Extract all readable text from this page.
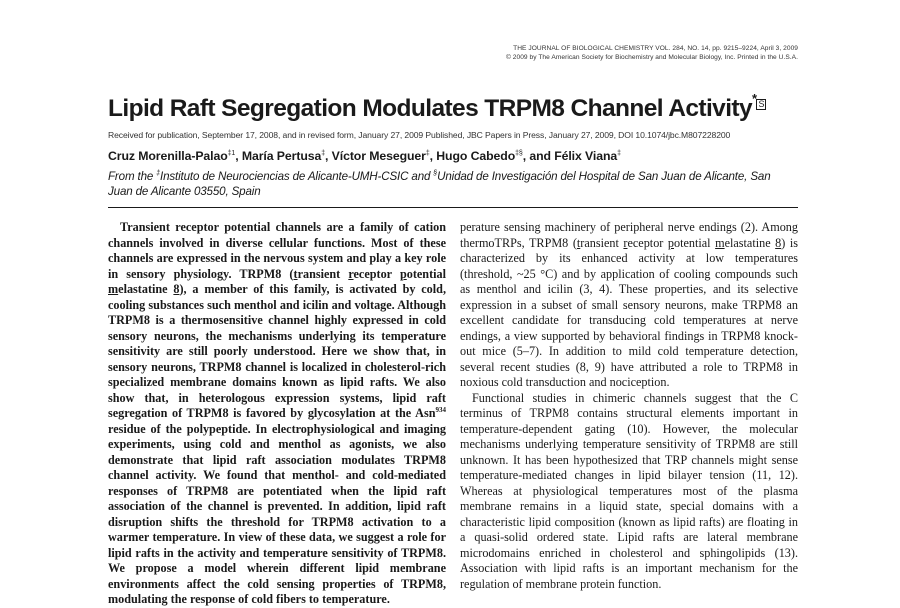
THE JOURNAL OF BIOLOGICAL CHEMISTRY VOL. 284, NO. 14, pp. 9215–9224, April 3, 2009
© 2009 by The American Society for Biochemistry and Molecular Biology, Inc. Printed in the U.S.A.
Lipid Raft Segregation Modulates TRPM8 Channel Activity* S
Received for publication, September 17, 2008, and in revised form, January 27, 2009 Published, JBC Papers in Press, January 27, 2009, DOI 10.1074/jbc.M807228200
Cruz Morenilla-Palao$^{\ddagger 1}$, María Pertusa‡, Víctor Meseguer‡, Hugo Cabedo‡§, and Félix Viana‡
From the ‡Instituto de Neurociencias de Alicante-UMH-CSIC and §Unidad de Investigación del Hospital de San Juan de Alicante, San Juan de Alicante 03550, Spain

Transient receptor potential channels are a family of cation channels involved in diverse cellular functions. Most of these channels are expressed in the nervous system and play a key role in sensory physiology. TRPM8 (transient receptor potential melastatine 8), a member of this family, is activated by cold, cooling substances such menthol and icilin and voltage. Although TRPM8 is a thermosensitive channel highly expressed in cold sensory neurons, the mechanisms underlying its temperature sensitivity are still poorly understood. Here we show that, in sensory neurons, TRPM8 channel is localized in cholesterol-rich specialized membrane domains known as lipid rafts. We also show that, in heterologous expression systems, lipid raft segregation of TRPM8 is favored by glycosylation at the Asn$^{934}$ residue of the polypeptide. In electrophysiological and imaging experiments, using cold and menthol as agonists, we also demonstrate that lipid raft association modulates TRPM8 channel activity. We found that menthol- and cold-mediated responses of TRPM8 are potentiated when the lipid raft association of the channel is prevented. In addition, lipid raft disruption shifts the threshold for TRPM8 activation to a warmer temperature. In view of these data, we suggest a role for lipid rafts in the activity and temperature sensitivity of TRPM8. We propose a model wherein different lipid membrane environments affect the cold sensing properties of TRPM8, modulating the response of cold fibers to temperature.

perature sensing machinery of peripheral nerve endings (2). Among thermoTRPs, TRPM8 (transient receptor potential melastatine 8) is characterized by its enhanced activity at low temperatures (threshold, ~25 °C) and by application of cooling compounds such as menthol and icilin (3, 4). These properties, and its selective expression in a subset of small sensory neurons, make TRPM8 an excellent candidate for transducing cold temperatures at nerve endings, a view supported by behavioral findings in TRPM8 knock-out mice (5–7). In addition to mild cold temperature detection, several recent studies (8, 9) have attributed a role to TRPM8 in noxious cold transduction and nociception.

Functional studies in chimeric channels suggest that the C terminus of TRPM8 contains structural elements important in temperature-dependent gating (10). However, the molecular mechanisms underlying temperature sensitivity of TRPM8 are still unknown. It has been hypothesized that TRP channels might sense temperature-mediated changes in lipid bilayer tension (11, 12). Whereas at physiological temperatures most of the plasma membrane remains in a liquid state, special domains with a characteristic lipid composition (known as lipid rafts) are floating in a quasi-solid ordered state. Lipid rafts are lateral membrane microdomains enriched in cholesterol and sphingolipids (13). Association with lipid rafts is an important mechanism for the regulation of membrane protein function.
